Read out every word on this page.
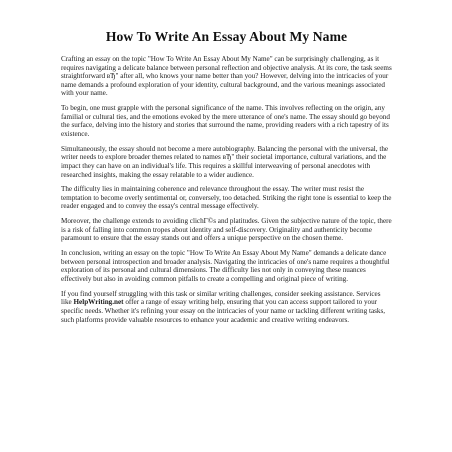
How To Write An Essay About My Name

Crafting an essay on the topic "How To Write An Essay About My Name" can be surprisingly challenging, as it requires navigating a delicate balance between personal reflection and objective analysis. At its core, the task seems straightforward вЂ" after all, who knows your name better than you? However, delving into the intricacies of your name demands a profound exploration of your identity, cultural background, and the various meanings associated with your name.

To begin, one must grapple with the personal significance of the name. This involves reflecting on the origin, any familial or cultural ties, and the emotions evoked by the mere utterance of one's name. The essay should go beyond the surface, delving into the history and stories that surround the name, providing readers with a rich tapestry of its existence.

Simultaneously, the essay should not become a mere autobiography. Balancing the personal with the universal, the writer needs to explore broader themes related to names вЂ" their societal importance, cultural variations, and the impact they can have on an individual's life. This requires a skillful interweaving of personal anecdotes with researched insights, making the essay relatable to a wider audience.

The difficulty lies in maintaining coherence and relevance throughout the essay. The writer must resist the temptation to become overly sentimental or, conversely, too detached. Striking the right tone is essential to keep the reader engaged and to convey the essay's central message effectively.

Moreover, the challenge extends to avoiding clichГ©s and platitudes. Given the subjective nature of the topic, there is a risk of falling into common tropes about identity and self-discovery. Originality and authenticity become paramount to ensure that the essay stands out and offers a unique perspective on the chosen theme.

In conclusion, writing an essay on the topic "How To Write An Essay About My Name" demands a delicate dance between personal introspection and broader analysis. Navigating the intricacies of one's name requires a thoughtful exploration of its personal and cultural dimensions. The difficulty lies not only in conveying these nuances effectively but also in avoiding common pitfalls to create a compelling and original piece of writing.

If you find yourself struggling with this task or similar writing challenges, consider seeking assistance. Services like HelpWriting.net offer a range of essay writing help, ensuring that you can access support tailored to your specific needs. Whether it's refining your essay on the intricacies of your name or tackling different writing tasks, such platforms provide valuable resources to enhance your academic and creative writing endeavors.
